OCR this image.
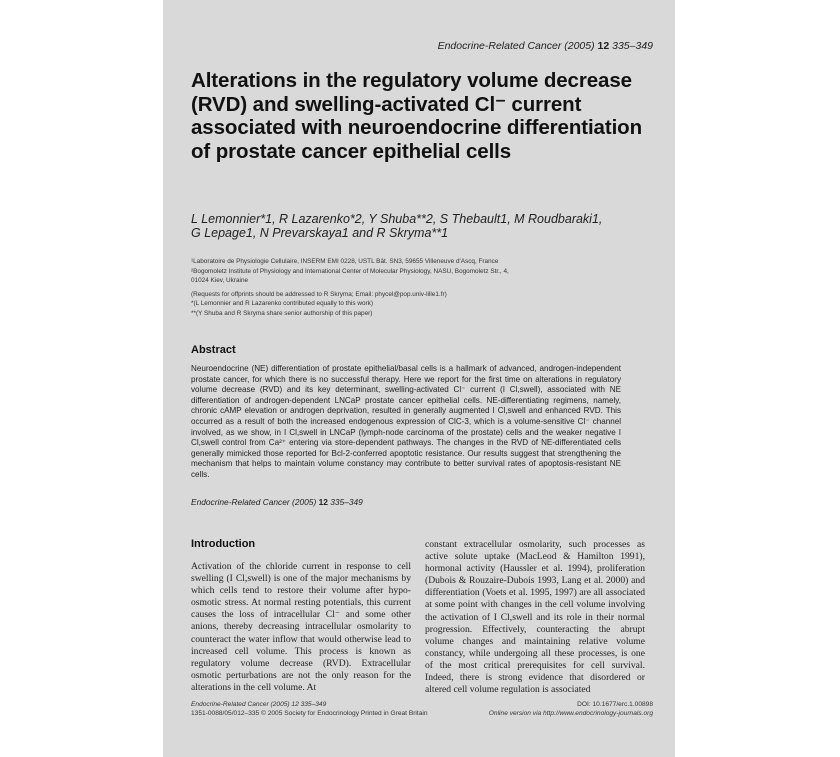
Endocrine-Related Cancer (2005) 12 335–349
Alterations in the regulatory volume decrease (RVD) and swelling-activated Cl⁻ current associated with neuroendocrine differentiation of prostate cancer epithelial cells
L Lemonnier*1, R Lazarenko*2, Y Shuba**2, S Thebault1, M Roudbaraki1,
G Lepage1, N Prevarskaya1 and R Skryma**1
¹Laboratoire de Physiologie Cellulaire, INSERM EMI 0228, USTL Bât. SN3, 59655 Villeneuve d'Ascq, France
²Bogomoletz Institute of Physiology and International Center of Molecular Physiology, NASU, Bogomoletz Str., 4,
01024 Kiev, Ukraine
(Requests for offprints should be addressed to R Skryma; Email: phycel@pop.univ-lille1.fr)
*(L Lemonnier and R Lazarenko contributed equally to this work)
**(Y Shuba and R Skryma share senior authorship of this paper)
Abstract
Neuroendocrine (NE) differentiation of prostate epithelial/basal cells is a hallmark of advanced, androgen-independent prostate cancer, for which there is no successful therapy. Here we report for the first time on alterations in regulatory volume decrease (RVD) and its key determinant, swelling-activated Cl⁻ current (I Cl,swell), associated with NE differentiation of androgen-dependent LNCaP prostate cancer epithelial cells. NE-differentiating regimens, namely, chronic cAMP elevation or androgen deprivation, resulted in generally augmented I Cl,swell and enhanced RVD. This occurred as a result of both the increased endogenous expression of ClC-3, which is a volume-sensitive Cl⁻ channel involved, as we show, in I Cl,swell in LNCaP (lymph-node carcinoma of the prostate) cells and the weaker negative I Cl,swell control from Ca²⁺ entering via store-dependent pathways. The changes in the RVD of NE-differentiated cells generally mimicked those reported for Bcl-2-conferred apoptotic resistance. Our results suggest that strengthening the mechanism that helps to maintain volume constancy may contribute to better survival rates of apoptosis-resistant NE cells.
Endocrine-Related Cancer (2005) 12 335–349
Introduction
Activation of the chloride current in response to cell swelling (I Cl,swell) is one of the major mechanisms by which cells tend to restore their volume after hypo-osmotic stress. At normal resting potentials, this current causes the loss of intracellular Cl⁻ and some other anions, thereby decreasing intracellular osmolarity to counteract the water inflow that would otherwise lead to increased cell volume. This process is known as regulatory volume decrease (RVD). Extracellular osmotic perturbations are not the only reason for the alterations in the cell volume. At
constant extracellular osmolarity, such processes as active solute uptake (MacLeod & Hamilton 1991), hormonal activity (Haussler et al. 1994), proliferation (Dubois & Rouzaire-Dubois 1993, Lang et al. 2000) and differentiation (Voets et al. 1995, 1997) are all associated at some point with changes in the cell volume involving the activation of I Cl,swell and its role in their normal progression. Effectively, counteracting the abrupt volume changes and maintaining relative volume constancy, while undergoing all these processes, is one of the most critical prerequisites for cell survival. Indeed, there is strong evidence that disordered or altered cell volume regulation is associated
Endocrine-Related Cancer (2005) 12 335–349
1351-0088/05/012–335 © 2005 Society for Endocrinology Printed in Great Britain
DOI: 10.1677/erc.1.00898
Online version via http://www.endocrinology-journals.org
